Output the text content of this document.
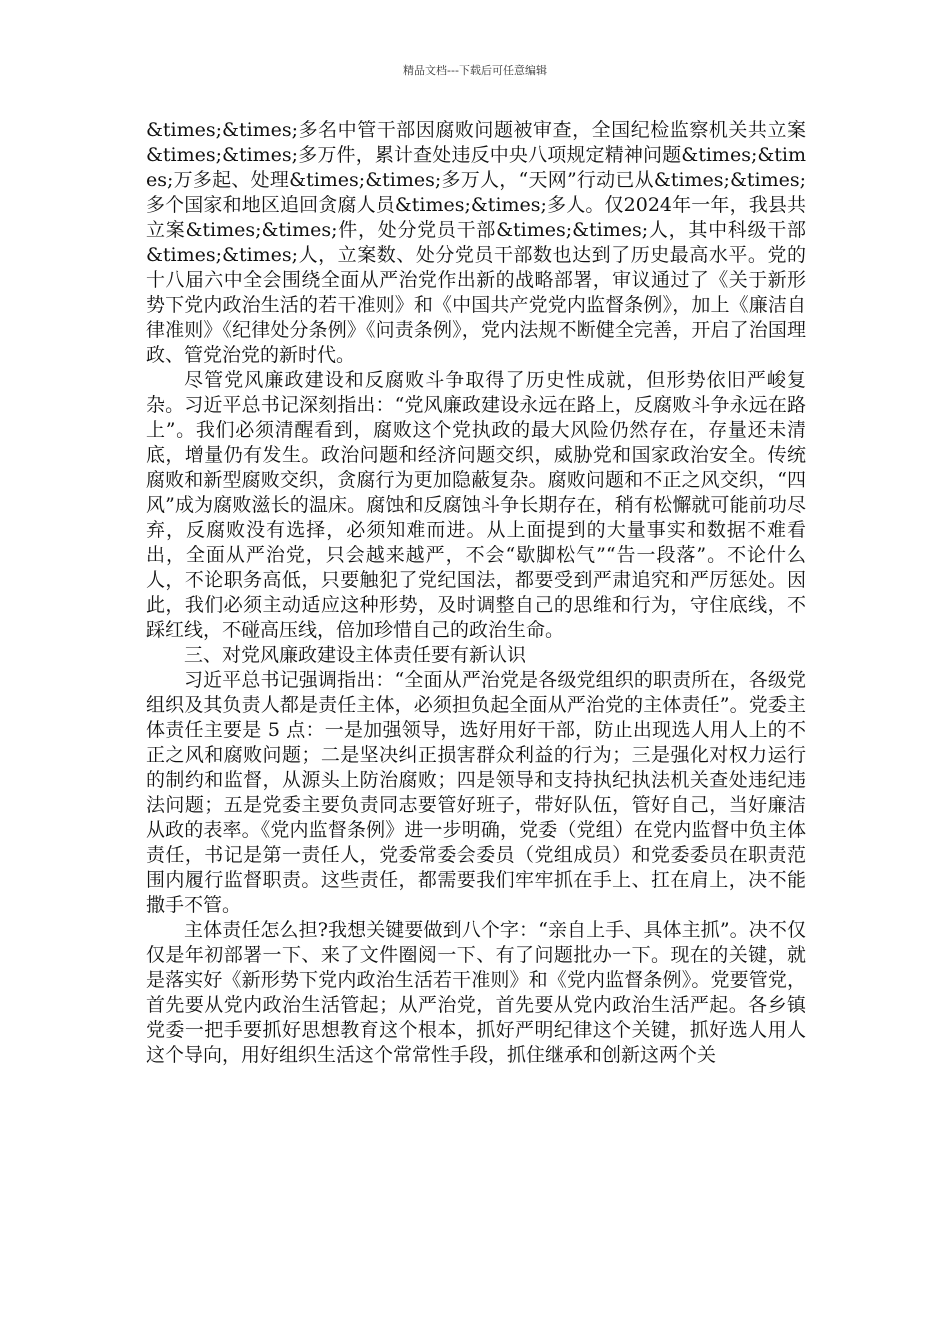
精品文档---下载后可任意编辑

&times;&times;多名中管干部因腐败问题被审查，全国纪检监察机关共立案&times;&times;多万件，累计查处违反中央八项规定精神问题&times;&times;万多起、处理&times;&times;多万人，“天网”行动已从&times;&times;多个国家和地区追回贪腐人员&times;&times;多人。仅2024年一年，我县共立案&times;&times;件，处分党员干部&times;&times;人，其中科级干部&times;&times;人，立案数、处分党员干部数也达到了历史最高水平。党的十八届六中全会围绕全面从严治党作出新的战略部署，审议通过了《关于新形势下党内政治生活的若干准则》和《中国共产党党内监督条例》，加上《廉洁自律准则》《纪律处分条例》《问责条例》，党内法规不断健全完善，开启了治国理政、管党治党的新时代。

尽管党风廉政建设和反腐败斗争取得了历史性成就，但形势依旧严峻复杂。习近平总书记深刻指出：“党风廉政建设永远在路上，反腐败斗争永远在路上”。我们必须清醒看到，腐败这个党执政的最大风险仍然存在，存量还未清底，增量仍有发生。政治问题和经济问题交织，威胁党和国家政治安全。传统腐败和新型腐败交织，贪腐行为更加隐蔽复杂。腐败问题和不正之风交织，“四风”成为腐败滋长的温床。腐蚀和反腐蚀斗争长期存在，稍有松懈就可能前功尽弃，反腐败没有选择，必须知难而进。从上面提到的大量事实和数据不难看出，全面从严治党，只会越来越严，不会“歇脚松气”“告一段落”。不论什么人，不论职务高低，只要触犯了党纪国法，都要受到严肃追究和严厉惩处。因此，我们必须主动适应这种形势，及时调整自己的思维和行为，守住底线，不踩红线，不碰高压线，倍加珍惜自己的政治生命。

三、对党风廉政建设主体责任要有新认识

习近平总书记强调指出：“全面从严治党是各级党组织的职责所在，各级党组织及其负责人都是责任主体，必须担负起全面从严治党的主体责任”。党委主体责任主要是 5 点：一是加强领导，选好用好干部，防止出现选人用人上的不正之风和腐败问题；二是坚决纠正损害群众利益的行为；三是强化对权力运行的制约和监督，从源头上防治腐败；四是领导和支持执纪执法机关查处违纪违法问题；五是党委主要负责同志要管好班子，带好队伍，管好自己，当好廉洁从政的表率。《党内监督条例》进一步明确，党委（党组）在党内监督中负主体责任，书记是第一责任人，党委常委会委员（党组成员）和党委委员在职责范围内履行监督职责。这些责任，都需要我们牢牢抓在手上、扛在肩上，决不能撒手不管。

主体责任怎么担?我想关键要做到八个字：“亲自上手、具体主抓”。决不仅仅是年初部署一下、来了文件圈阅一下、有了问题批办一下。现在的关键，就是落实好《新形势下党内政治生活若干准则》和《党内监督条例》。党要管党，首先要从党内政治生活管起；从严治党，首先要从党内政治生活严起。各乡镇党委一把手要抓好思想教育这个根本，抓好严明纪律这个关键，抓好选人用人这个导向，用好组织生活这个常常性手段，抓住继承和创新这两个关
